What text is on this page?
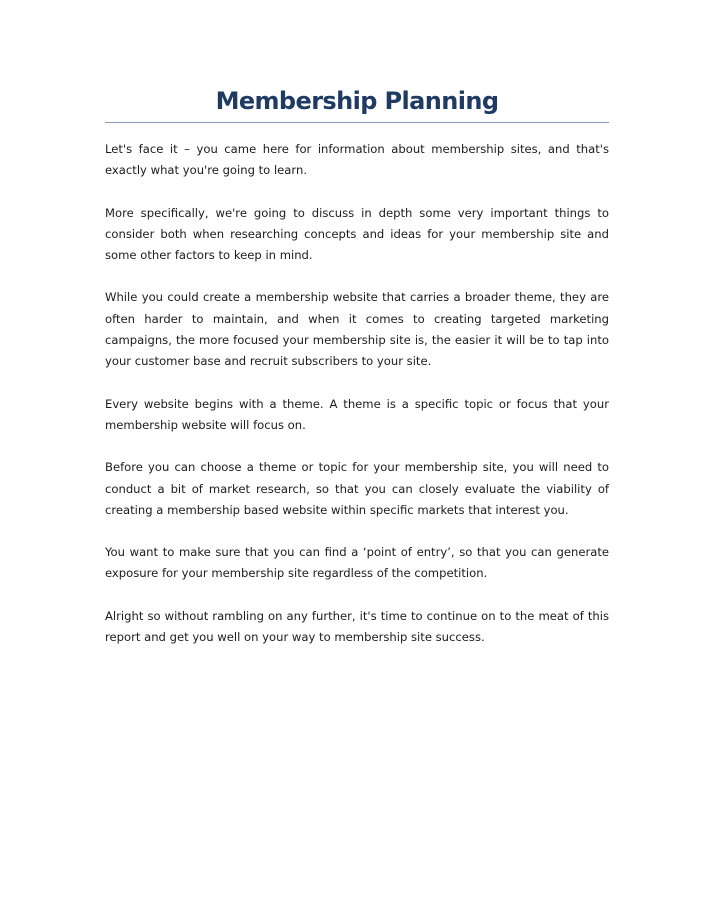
Membership Planning

Let's face it – you came here for information about membership sites, and that's exactly what you're going to learn.

More specifically, we're going to discuss in depth some very important things to consider both when researching concepts and ideas for your membership site and some other factors to keep in mind.

While you could create a membership website that carries a broader theme, they are often harder to maintain, and when it comes to creating targeted marketing campaigns, the more focused your membership site is, the easier it will be to tap into your customer base and recruit subscribers to your site.

Every website begins with a theme. A theme is a specific topic or focus that your membership website will focus on.

Before you can choose a theme or topic for your membership site, you will need to conduct a bit of market research, so that you can closely evaluate the viability of creating a membership based website within specific markets that interest you.

You want to make sure that you can find a ‘point of entry’, so that you can generate exposure for your membership site regardless of the competition.

Alright so without rambling on any further, it's time to continue on to the meat of this report and get you well on your way to membership site success.
